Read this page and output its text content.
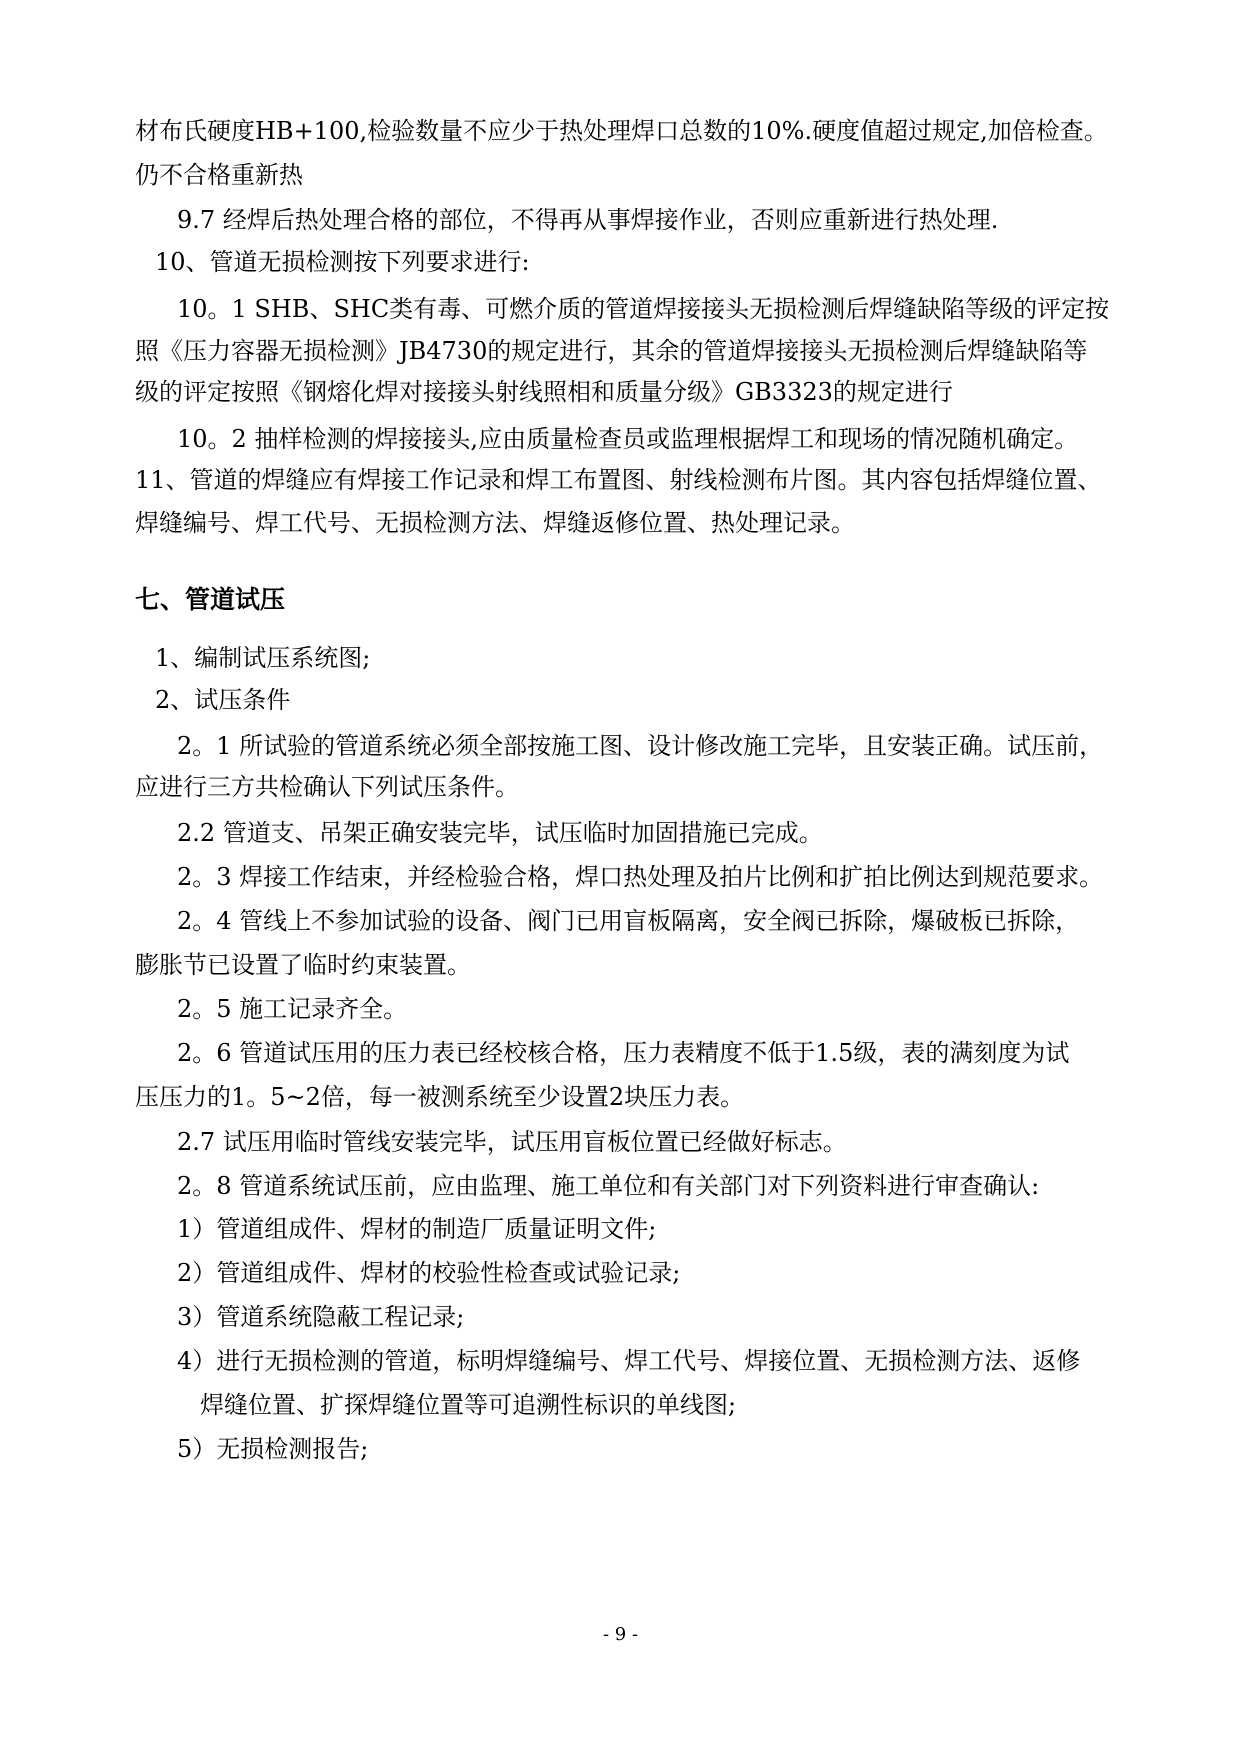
材布氏硬度HB+100,检验数量不应少于热处理焊口总数的10%.硬度值超过规定,加倍检查。
仍不合格重新热
9.7 经焊后热处理合格的部位，不得再从事焊接作业，否则应重新进行热处理.
10、管道无损检测按下列要求进行:
10。1 SHB、SHC类有毒、可燃介质的管道焊接接头无损检测后焊缝缺陷等级的评定按
照《压力容器无损检测》JB4730的规定进行，其余的管道焊接接头无损检测后焊缝缺陷等
级的评定按照《钢熔化焊对接接头射线照相和质量分级》GB3323的规定进行
10。2 抽样检测的焊接接头,应由质量检查员或监理根据焊工和现场的情况随机确定。
11、管道的焊缝应有焊接工作记录和焊工布置图、射线检测布片图。其内容包括焊缝位置、
焊缝编号、焊工代号、无损检测方法、焊缝返修位置、热处理记录。
七、管道试压
1、编制试压系统图;
2、试压条件
2。1 所试验的管道系统必须全部按施工图、设计修改施工完毕，且安装正确。试压前，
应进行三方共检确认下列试压条件。
2.2 管道支、吊架正确安装完毕，试压临时加固措施已完成。
2。3 焊接工作结束，并经检验合格，焊口热处理及拍片比例和扩拍比例达到规范要求。
2。4 管线上不参加试验的设备、阀门已用盲板隔离，安全阀已拆除，爆破板已拆除，
膨胀节已设置了临时约束装置。
2。5 施工记录齐全。
2。6 管道试压用的压力表已经校核合格，压力表精度不低于1.5级，表的满刻度为试
压压力的1。5~2倍，每一被测系统至少设置2块压力表。
2.7 试压用临时管线安装完毕，试压用盲板位置已经做好标志。
2。8 管道系统试压前，应由监理、施工单位和有关部门对下列资料进行审查确认:
1）管道组成件、焊材的制造厂质量证明文件;
2）管道组成件、焊材的校验性检查或试验记录;
3）管道系统隐蔽工程记录;
4）进行无损检测的管道，标明焊缝编号、焊工代号、焊接位置、无损检测方法、返修
焊缝位置、扩探焊缝位置等可追溯性标识的单线图;
5）无损检测报告;
- 9 -
